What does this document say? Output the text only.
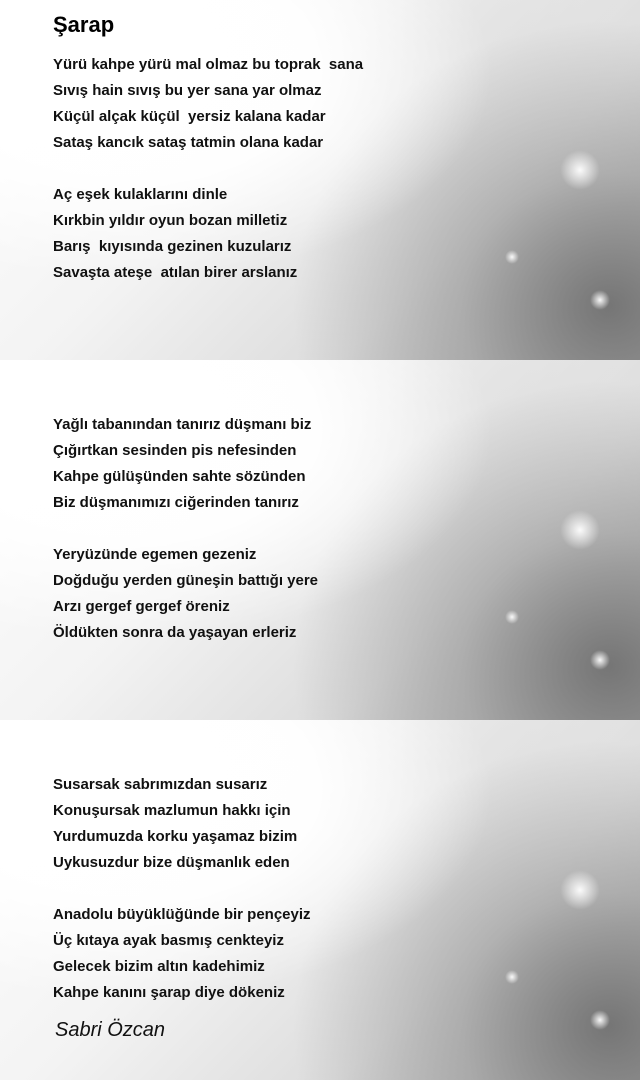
Şarap
Yürü kahpe yürü mal olmaz bu toprak  sana
Sıvış hain sıvış bu yer sana yar olmaz
Küçül alçak küçül  yersiz kalana kadar
Sataş kancık sataş tatmin olana kadar
Aç eşek kulaklarını dinle
Kırkbin yıldır oyun bozan milletiz
Barış  kıyısında gezinen kuzularız
Savaşta ateşe  atılan birer arslanız
Yağlı tabanından tanırız düşmanı biz
Çığırtkan sesinden pis nefesinden
Kahpe gülüşünden sahte sözünden
Biz düşmanımızı ciğerinden tanırız
Yeryüzünde egemen gezeniz
Doğduğu yerden güneşin battığı yere
Arzı gergef gergef öreniz
Öldükten sonra da yaşayan erleriz
Susarsak sabrımızdan susarız
Konuşursak mazlumun hakkı için
Yurdumuzda korku yaşamaz bizim
Uykusuzdur bize düşmanlık eden
Anadolu büyüklüğünde bir pençeyiz
Üç kıtaya ayak basmış cenkteyiz
Gelecek bizim altın kadehimiz
Kahpe kanını şarap diye dökeniz
Sabri Özcan
